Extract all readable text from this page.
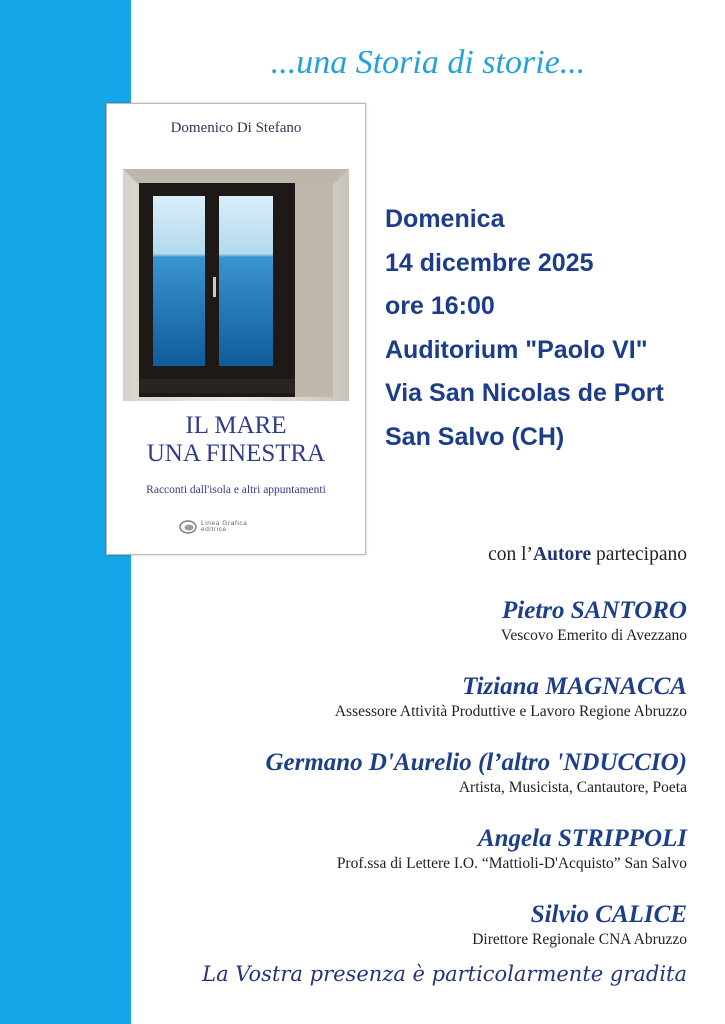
...una Storia di storie...
Domenico Di Stefano
IL MARE
UNA FINESTRA
Racconti dall'isola e altri appuntamenti
Linea Grafica
editrice
Domenica
14 dicembre 2025
ore 16:00
Auditorium "Paolo VI"
Via San Nicolas de Port
San Salvo (CH)
con l’Autore partecipano
Pietro SANTORO
Vescovo Emerito di Avezzano
Tiziana MAGNACCA
Assessore Attività Produttive e Lavoro Regione Abruzzo
Germano D'Aurelio (l’altro 'NDUCCIO)
Artista, Musicista, Cantautore, Poeta
Angela STRIPPOLI
Prof.ssa di Lettere I.O. “Mattioli-D'Acquisto” San Salvo
Silvio CALICE
Direttore Regionale CNA Abruzzo
La Vostra presenza è particolarmente gradita
